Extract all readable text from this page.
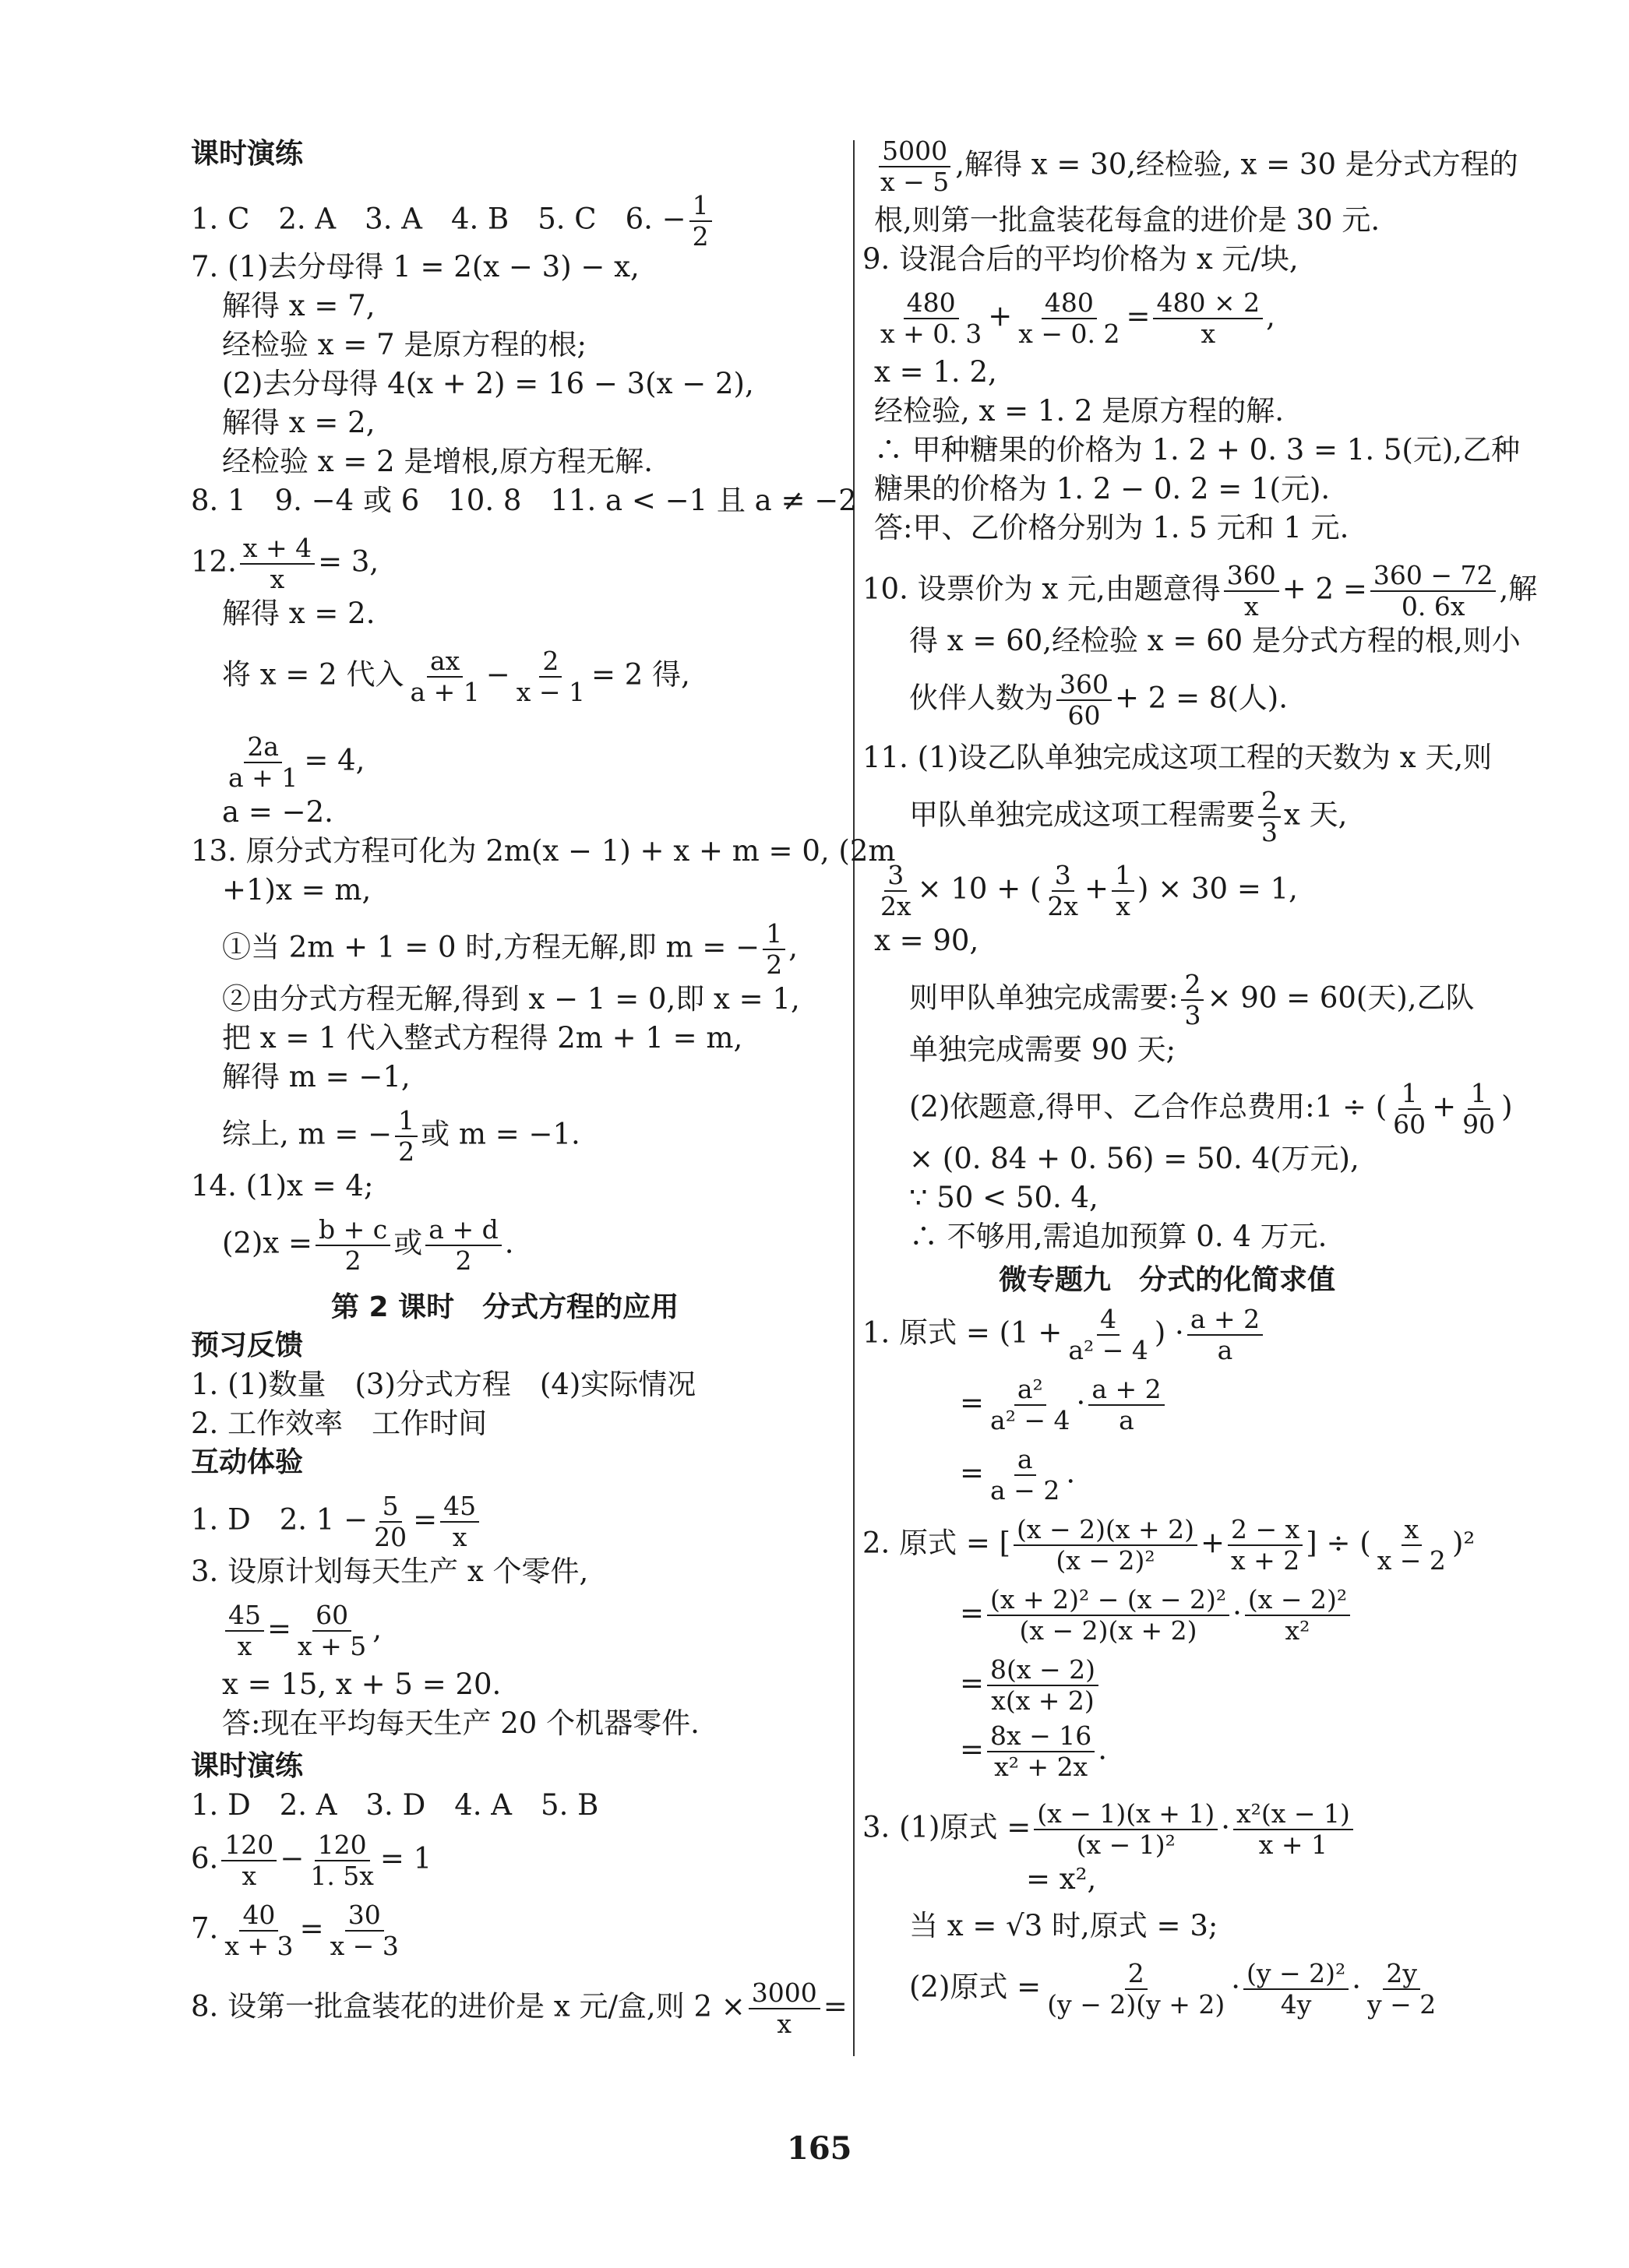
课时演练
1. C　2. A　3. A　4. B　5. C　6. − $\frac{1}{2}$
7. (1)去分母得 1 = 2(x − 3) − x,
解得 x = 7,
经检验 x = 7 是原方程的根;
(2)去分母得 4(x + 2) = 16 − 3(x − 2),
解得 x = 2,
经检验 x = 2 是增根,原方程无解.
8. 1　9. −4 或 6　10. 8　11. a < −1 且 a ≠ −2
12. $\frac{x + 4}{x} = 3$,
解得 x = 2.
将 x = 2 代入 $\frac{ax}{a + 1} - \frac{2}{x - 1} = 2$ 得,
$\frac{2a}{a + 1} = 4$,
a = −2.
13. 原分式方程可化为 2m(x − 1) + x + m = 0, (2m
+1)x = m,
①当 2m + 1 = 0 时,方程无解,即 m = − $\frac{1}{2}$ ,
②由分式方程无解,得到 x − 1 = 0,即 x = 1,
把 x = 1 代入整式方程得 2m + 1 = m,
解得 m = −1,
综上, m = − $\frac{1}{2}$ 或 m = −1.
14. (1)x = 4;
$(2)x = \frac{b + c}{2}$ 或 $\frac{a + d}{2}$ .
第 2 课时　分式方程的应用
预习反馈
1. (1)数量　(3)分式方程　(4)实际情况
2. 工作效率　工作时间
互动体验
1. D　2. $1 - \frac{5}{20} = \frac{45}{x}$
3. 设原计划每天生产 x 个零件,
$\frac{45}{x} = \frac{60}{x + 5}$ ,
x = 15, x + 5 = 20.
答:现在平均每天生产 20 个机器零件.
课时演练
1. D　2. A　3. D　4. A　5. B
6. $\frac{120}{x} - \frac{120}{1. 5x} = 1$
7. $\frac{40}{x + 3} = \frac{30}{x - 3}$
8. 设第一批盒装花的进价是 x 元/盒,则 $2 \times \frac{3000}{x}$ =
$\frac{5000}{x - 5}$ ,解得 x = 30,经检验, x = 30 是分式方程的
根,则第一批盒装花每盒的进价是 30 元.
9. 设混合后的平均价格为 x 元/块,
$\frac{480}{x + 0. 3} + \frac{480}{x - 0. 2} = \frac{480 \times 2}{x}$ ,
x = 1. 2,
经检验, x = 1. 2 是原方程的解.
∴ 甲种糖果的价格为 1. 2 + 0. 3 = 1. 5(元),乙种
糖果的价格为 1. 2 − 0. 2 = 1(元).
答:甲、乙价格分别为 1. 5 元和 1 元.
10. 设票价为 x 元,由题意得 $\frac{360}{x} + 2 = \frac{360 - 72}{0. 6x}$ ,解
得 x = 60,经检验 x = 60 是分式方程的根,则小
伙伴人数为 $\frac{360}{60} + 2 = 8$(人).
11. (1)设乙队单独完成这项工程的天数为 x 天,则
甲队单独完成这项工程需要 $\frac{2}{3}$ x 天,
$\frac{3}{2x} \times 10$ + ( $\frac{3}{2x} + \frac{1}{x}$ ) × 30 = 1,
x = 90,
则甲队单独完成需要: $\frac{2}{3} \times 90 = 60$(天),乙队
单独完成需要 90 天;
(2)依题意,得甲、乙合作总费用:1 ÷ ( $\frac{1}{60} + \frac{1}{90}$ )
× (0. 84 + 0. 56) = 50. 4(万元),
∵ 50 < 50. 4,
∴ 不够用,需追加预算 0. 4 万元.
微专题九　分式的化简求值
1. 原式 = ($1 + \frac{4}{\text{a² − 4}}$ ) · $\frac{a + 2}{a}$
= $\frac{\text{a²}}{\text{a² − 4}} \cdot \frac{a + 2}{a}$
= $\frac{a}{a - 2}$ .
2. 原式 = [ $\frac{(x - 2)(x + 2)}{\text{(x − 2)²}} + \frac{2 - x}{x + 2}$ ] ÷ ( $\frac{x}{x - 2} )^2$
= $\frac{\text{(x + 2)² − (x − 2)²}}{(x - 2)(x + 2)} \cdot \frac{\text{(x − 2)²}}{\text{x²}}$
= $\frac{8(x - 2)}{x(x + 2)}$
= $\frac{8x - 16}{\text{x² + 2x}}$ .
3. (1)原式 = $\frac{(x - 1)(x + 1)}{\text{(x − 1)²}} \cdot \frac{\text{x²(x − 1)}}{x + 1}$
= x²,
当 x = √3 时,原式 = 3;
(2)原式 = $\frac{2}{(y - 2)(y + 2)} \cdot \frac{\text{(y − 2)²}}{4y} \cdot \frac{2y}{y - 2}$
165
